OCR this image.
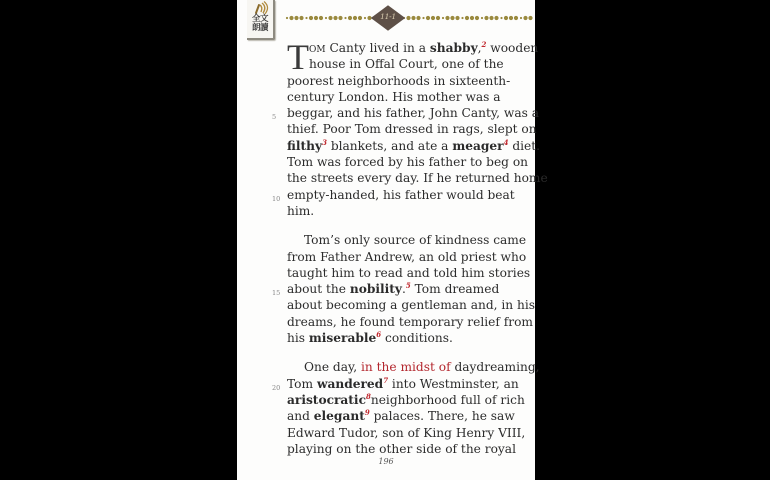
全文
朗讀
11-1
T om Canty lived in a shabby,$^2$ wooden
house in Offal Court, one of the
poorest neighborhoods in sixteenth-
century London. His mother was a
5 beggar, and his father, John Canty, was a
thief. Poor Tom dressed in rags, slept on
filthy$^3$ blankets, and ate a meager$^4$ diet.
Tom was forced by his father to beg on
the streets every day. If he returned home
10 empty-handed, his father would beat
him.
Tom’s only source of kindness came
from Father Andrew, an old priest who
taught him to read and told him stories
15 about the nobility.$^5$ Tom dreamed
about becoming a gentleman and, in his
dreams, he found temporary relief from
his miserable$^6$ conditions.
One day, in the midst of daydreaming,
20 Tom wandered$^7$ into Westminster, an
aristocratic$^8$neighborhood full of rich
and elegant$^9$ palaces. There, he saw
Edward Tudor, son of King Henry VIII,
playing on the other side of the royal
196
